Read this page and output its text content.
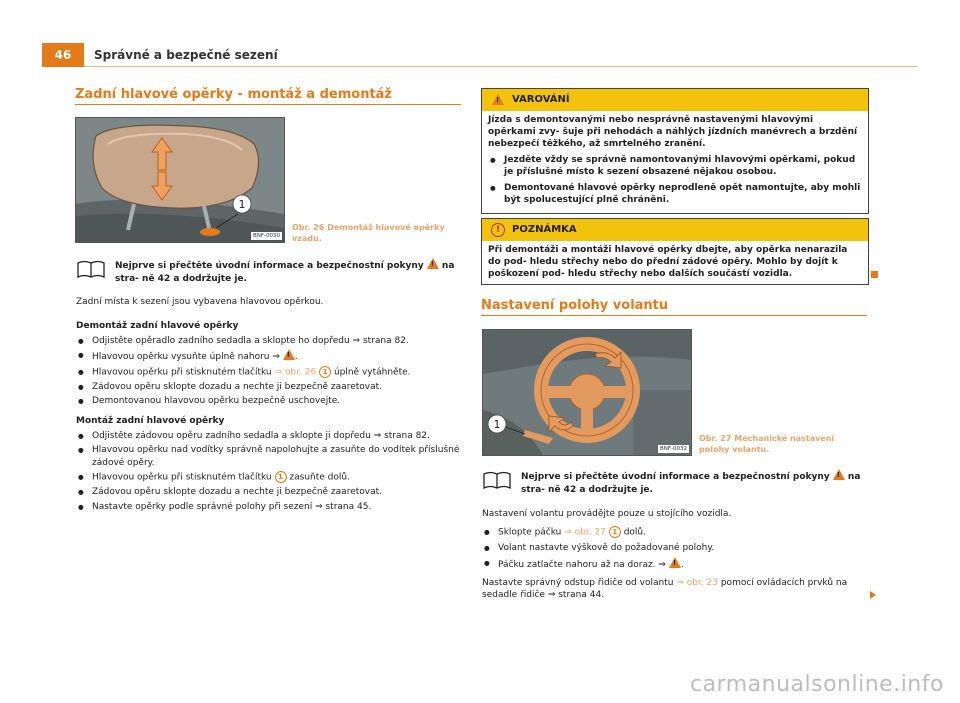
46	Správné a bezpečné sezení
Zadní hlavové opěrky - montáž a demontáž
1
BNF-0030
Obr. 26 Demontáž hlavové opěrky vzadu.
Nejprve si přečtěte úvodní informace a bezpečnostní pokyny ! na stra- ně 42 a dodržujte je.

Zadní místa k sezení jsou vybavena hlavovou opěrkou.

Demontáž zadní hlavové opěrky

● Odjistěte opěradlo zadního sedadla a sklopte ho dopředu ⇒ strana 82.
● Hlavovou opěrku vysuňte úplně nahoru ⇒ ! .
● Hlavovou opěrku při stisknutém tlačítku ⇒ obr. 26 1 úplně vytáhněte.
● Zádovou opěru sklopte dozadu a nechte ji bezpečně zaaretovat.
● Demontovanou hlavovou opěrku bezpečně uschovejte.

Montáž zadní hlavové opěrky

● Odjistěte zádovou opěru zadního sedadla a sklopte ji dopředu ⇒ strana 82.
● Hlavovou opěrku nad vodítky správně napolohujte a zasuňte do vodítek příslušné zádové opěry.
● Hlavovou opěrku při stisknutém tlačítku 1 zasuňte dolů.
● Zádovou opěru sklopte dozadu a nechte ji bezpečně zaaretovat.
● Nastavte opěrky podle správné polohy při sezení ⇒ strana 45.
!
VAROVÁNÍ

Jízda s demontovanými nebo nesprávně nastavenými hlavovými opěrkami zvy- šuje při nehodách a náhlých jízdních manévrech a brzdění nebezpečí těžkého, až smrtelného zranění.

● Jezděte vždy se správně namontovanými hlavovými opěrkami, pokud je příslušné místo k sezení obsazené nějakou osobou.
● Demontované hlavové opěrky neprodleně opět namontujte, aby mohli být spolucestující plně chráněni.
!	POZNÁMKA

Při demontáži a montáži hlavové opěrky dbejte, aby opěrka nenarazila do pod- hledu střechy nebo do přední zádové opěry. Mohlo by dojít k poškození pod- hledu střechy nebo dalších součástí vozidla.

Nastavení polohy volantu
1
BNF-0032
Obr. 27 Mechanické nastavení polohy volantu.
Nejprve si přečtěte úvodní informace a bezpečnostní pokyny ! na stra- ně 42 a dodržujte je.

Nastavení volantu provádějte pouze u stojícího vozidla.

● Sklopte páčku ⇒ obr. 27 1 dolů.
● Volant nastavte výškově do požadované polohy.
● Páčku zatlačte nahoru až na doraz. ⇒ ! .

Nastavte správný odstup řidiče od volantu ⇒ obr. 23 pomocí ovládacích prvků na sedadle řidiče ⇒ strana 44.

carmanualsonline.info
